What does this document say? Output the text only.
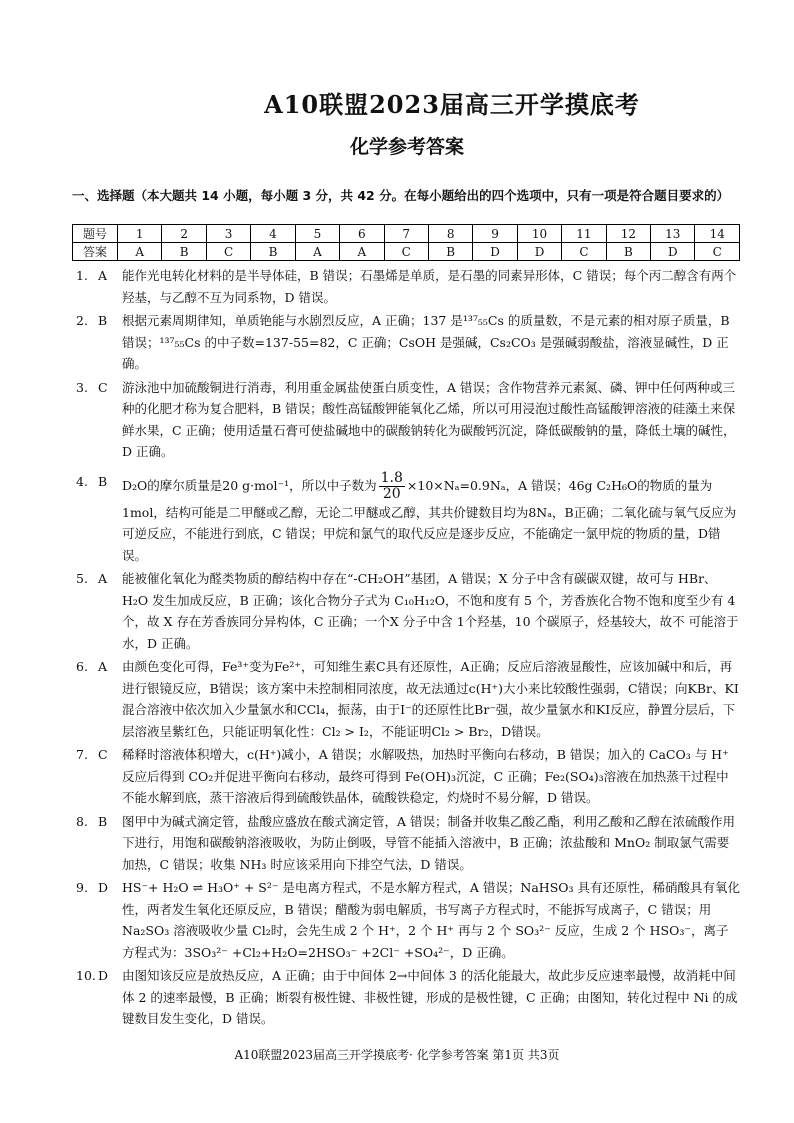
A10联盟2023届高三开学摸底考
化学参考答案
一、选择题（本大题共 14 小题，每小题 3 分，共 42 分。在每小题给出的四个选项中，只有一项是符合题目要求的）
题号	1	2	3	4	5	6	7	8	9	10	11	12	13	14
答案	A	B	C	B	A	A	C	B	D	D	C	B	D	C
1. A	能作光电转化材料的是半导体硅，B 错误；石墨烯是单质，是石墨的同素异形体，C 错误；每个丙二醇含有两个羟基，与乙醇不互为同系物，D 错误。
2. B	根据元素周期律知，单质铯能与水剧烈反应，A 正确；137 是¹³⁷₅₅Cs 的质量数，不是元素的相对原子质量，B 错误；¹³⁷₅₅Cs 的中子数=137-55=82，C 正确；CsOH 是强碱，Cs₂CO₃ 是强碱弱酸盐，溶液显碱性，D 正确。
3. C	游泳池中加硫酸铜进行消毒，利用重金属盐使蛋白质变性，A 错误；含作物营养元素氮、磷、钾中任何两种或三种的化肥才称为复合肥料，B 错误；酸性高锰酸钾能氧化乙烯，所以可用浸泡过酸性高锰酸钾溶液的硅藻土来保鲜水果，C 正确；使用适量石膏可使盐碱地中的碳酸钠转化为碳酸钙沉淀，降低碳酸钠的量，降低土壤的碱性，D 正确。
4. B	D₂O的摩尔质量是20 g·mol⁻¹，所以中子数为 $\frac{1.8}{20} \times 10\times N_a=0.9N_a$，A 错误；46g C₂H₆O的物质的量为1mol，结构可能是二甲醚或乙醇，无论二甲醚或乙醇，其共价键数目均为8Nₐ，B正确；二氧化硫与氧气反应为可逆反应，不能进行到底，C 错误；甲烷和氯气的取代反应是逐步反应，不能确定一氯甲烷的物质的量，D错误。
5. A	能被催化氧化为醛类物质的醇结构中存在“-CH₂OH”基团，A 错误；X 分子中含有碳碳双键，故可与 HBr、H₂O 发生加成反应，B 正确；该化合物分子式为 C₁₀H₁₂O，不饱和度有 5 个，芳香族化合物不饱和度至少有 4 个，故 X 存在芳香族同分异构体，C 正确；一个X 分子中含 1个羟基，10 个碳原子，烃基较大，故不 可能溶于水，D 正确。
6. A	由颜色变化可得，Fe³⁺变为Fe²⁺，可知维生素C具有还原性，A正确；反应后溶液显酸性，应该加碱中和后，再进行银镜反应，B错误；该方案中未控制相同浓度，故无法通过c(H⁺)大小来比较酸性强弱，C错误；向KBr、KI混合溶液中依次加入少量氯水和CCl₄，振荡，由于I⁻的还原性比Br⁻强，故少量氯水和KI反应，静置分层后，下层溶液呈紫红色，只能证明氧化性：Cl₂ > I₂，不能证明Cl₂ > Br₂，D错误。
7. C	稀释时溶液体积增大，c(H⁺)减小，A 错误；水解吸热，加热时平衡向右移动，B 错误；加入的 CaCO₃ 与 H⁺反应后得到 CO₂并促进平衡向右移动，最终可得到 Fe(OH)₃沉淀，C 正确；Fe₂(SO₄)₃溶液在加热蒸干过程中不能水解到底，蒸干溶液后得到硫酸铁晶体，硫酸铁稳定，灼烧时不易分解，D 错误。
8. B	图甲中为碱式滴定管，盐酸应盛放在酸式滴定管，A 错误；制备并收集乙酸乙酯，利用乙酸和乙醇在浓硫酸作用下进行，用饱和碳酸钠溶液吸收，为防止倒吸，导管不能插入溶液中，B 正确；浓盐酸和 MnO₂ 制取氯气需要加热，C 错误；收集 NH₃ 时应该采用向下排空气法，D 错误。
9. D	HS⁻+ H₂O ⇌ H₃O⁺ + S²⁻ 是电离方程式，不是水解方程式，A 错误；NaHSO₃ 具有还原性，稀硝酸具有氧化性，两者发生氧化还原反应，B 错误；醋酸为弱电解质，书写离子方程式时，不能拆写成离子，C 错误；用 Na₂SO₃ 溶液吸收少量 Cl₂时，会先生成 2 个 H⁺，2 个 H⁺ 再与 2 个 SO₃²⁻ 反应，生成 2 个 HSO₃⁻，离子方程式为：3SO₃²⁻ +Cl₂+H₂O=2HSO₃⁻ +2Cl⁻ +SO₄²⁻，D 正确。
10. D	由图知该反应是放热反应，A 正确；由于中间体 2→中间体 3 的活化能最大，故此步反应速率最慢，故消耗中间体 2 的速率最慢，B 正确；断裂有极性键、非极性键，形成的是极性键，C 正确；由图知，转化过程中 Ni 的成键数目发生变化，D 错误。
A10联盟2023届高三开学摸底考· 化学参考答案 第1页 共3页
